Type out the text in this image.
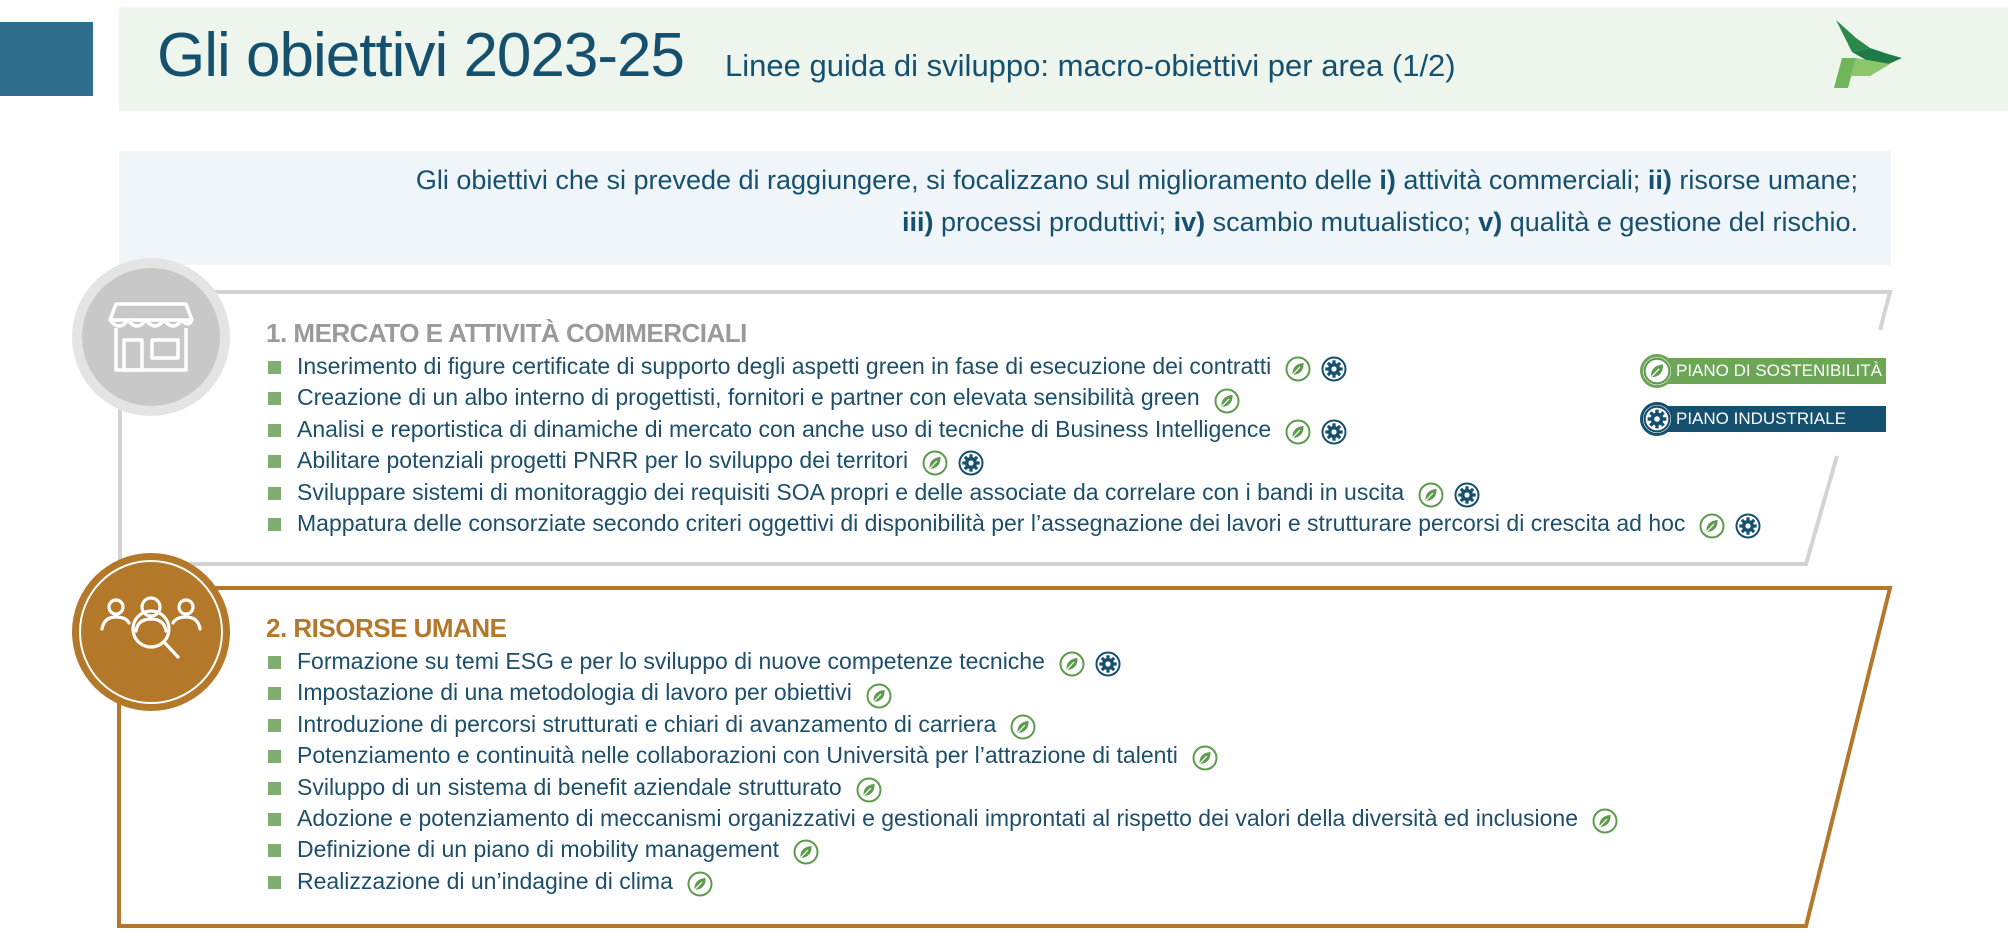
Gli obiettivi 2023-25 Linee guida di sviluppo: macro-obiettivi per area (1/2)
Gli obiettivi che si prevede di raggiungere, si focalizzano sul miglioramento delle i) attività commerciali; ii) risorse umane;
iii) processi produttivi; iv) scambio mutualistico; v) qualità e gestione del rischio.
PIANO DI SOSTENIBILITÀ
PIANO INDUSTRIALE
1. MERCATO E ATTIVITÀ COMMERCIALI
Inserimento di figure certificate di supporto degli aspetti green in fase di esecuzione dei contratti
Creazione di un albo interno di progettisti, fornitori e partner con elevata sensibilità green
Analisi e reportistica di dinamiche di mercato con anche uso di tecniche di Business Intelligence
Abilitare potenziali progetti PNRR per lo sviluppo dei territori
Sviluppare sistemi di monitoraggio dei requisiti SOA propri e delle associate da correlare con i bandi in uscita
Mappatura delle consorziate secondo criteri oggettivi di disponibilità per l’assegnazione dei lavori e strutturare percorsi di crescita ad hoc
2. RISORSE UMANE
Formazione su temi ESG e per lo sviluppo di nuove competenze tecniche
Impostazione di una metodologia di lavoro per obiettivi
Introduzione di percorsi strutturati e chiari di avanzamento di carriera
Potenziamento e continuità nelle collaborazioni con Università per l’attrazione di talenti
Sviluppo di un sistema di benefit aziendale strutturato
Adozione e potenziamento di meccanismi organizzativi e gestionali improntati al rispetto dei valori della diversità ed inclusione
Definizione di un piano di mobility management
Realizzazione di un’indagine di clima
